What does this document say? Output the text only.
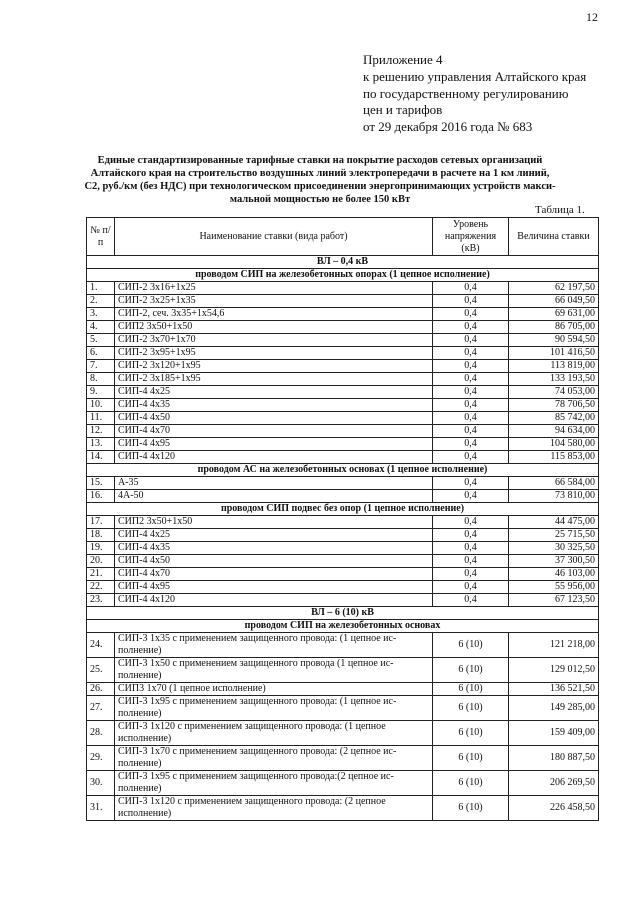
12
Приложение 4
к решению управления Алтайского края
по государственному регулированию
цен и тарифов
от 29 декабря 2016 года № 683
Единые стандартизированные тарифные ставки на покрытие расходов сетевых организаций
Алтайского края на строительство воздушных линий электропередачи в расчете на 1 км линий,
С2, руб./км (без НДС) при технологическом присоединении энергопринимающих устройств макси-
мальной мощностью не более 150 кВт
Таблица 1.
№ п/п	Наименование ставки (вида работ)	Уровень напряжения (кВ)	Величина ставки
ВЛ – 0,4 кВ			
проводом СИП на железобетонных опорах (1 цепное исполнение)			
1.	СИП-2 3х16+1х25	0,4	62 197,50
2.	СИП-2 3х25+1х35	0,4	66 049,50
3.	СИП-2, сеч. 3х35+1х54,6	0,4	69 631,00
4.	СИП2 3х50+1х50	0,4	86 705,00
5.	СИП-2 3х70+1х70	0,4	90 594,50
6.	СИП-2 3х95+1х95	0,4	101 416,50
7.	СИП-2 3х120+1х95	0,4	113 819,00
8.	СИП-2 3х185+1х95	0,4	133 193,50
9.	СИП-4 4х25	0,4	74 053,00
10.	СИП-4 4х35	0,4	78 706,50
11.	СИП-4 4х50	0,4	85 742,00
12.	СИП-4 4х70	0,4	94 634,00
13.	СИП-4 4х95	0,4	104 580,00
14.	СИП-4 4х120	0,4	115 853,00
проводом АС на железобетонных основах (1 цепное исполнение)			
15.	А-35	0,4	66 584,00
16.	4А-50	0,4	73 810,00
проводом СИП подвес без опор (1 цепное исполнение)			
17.	СИП2 3х50+1х50	0,4	44 475,00
18.	СИП-4 4х25	0,4	25 715,50
19.	СИП-4 4х35	0,4	30 325,50
20.	СИП-4 4х50	0,4	37 300,50
21.	СИП-4 4х70	0,4	46 103,00
22.	СИП-4 4х95	0,4	55 956,00
23.	СИП-4 4х120	0,4	67 123,50
ВЛ – 6 (10) кВ			
проводом СИП на железобетонных основах			
24.	СИП-3 1х35 с применением защищенного провода: (1 цепное ис-полнение)	6 (10)	121 218,00
25.	СИП-3 1х50 с применением защищенного провода (1 цепное ис-полнение)	6 (10)	129 012,50
26.	СИП3 1х70 (1 цепное исполнение)	6 (10)	136 521,50
27.	СИП-3 1х95 с применением защищенного провода: (1 цепное ис-полнение)	6 (10)	149 285,00
28.	СИП-3 1х120 с применением защищенного провода: (1 цепное исполнение)	6 (10)	159 409,00
29.	СИП-3 1х70 с применением защищенного провода: (2 цепное ис-полнение)	6 (10)	180 887,50
30.	СИП-3 1х95 с применением защищенного провода:(2 цепное ис-полнение)	6 (10)	206 269,50
31.	СИП-3 1х120 с применением защищенного провода: (2 цепное исполнение)	6 (10)	226 458,50
